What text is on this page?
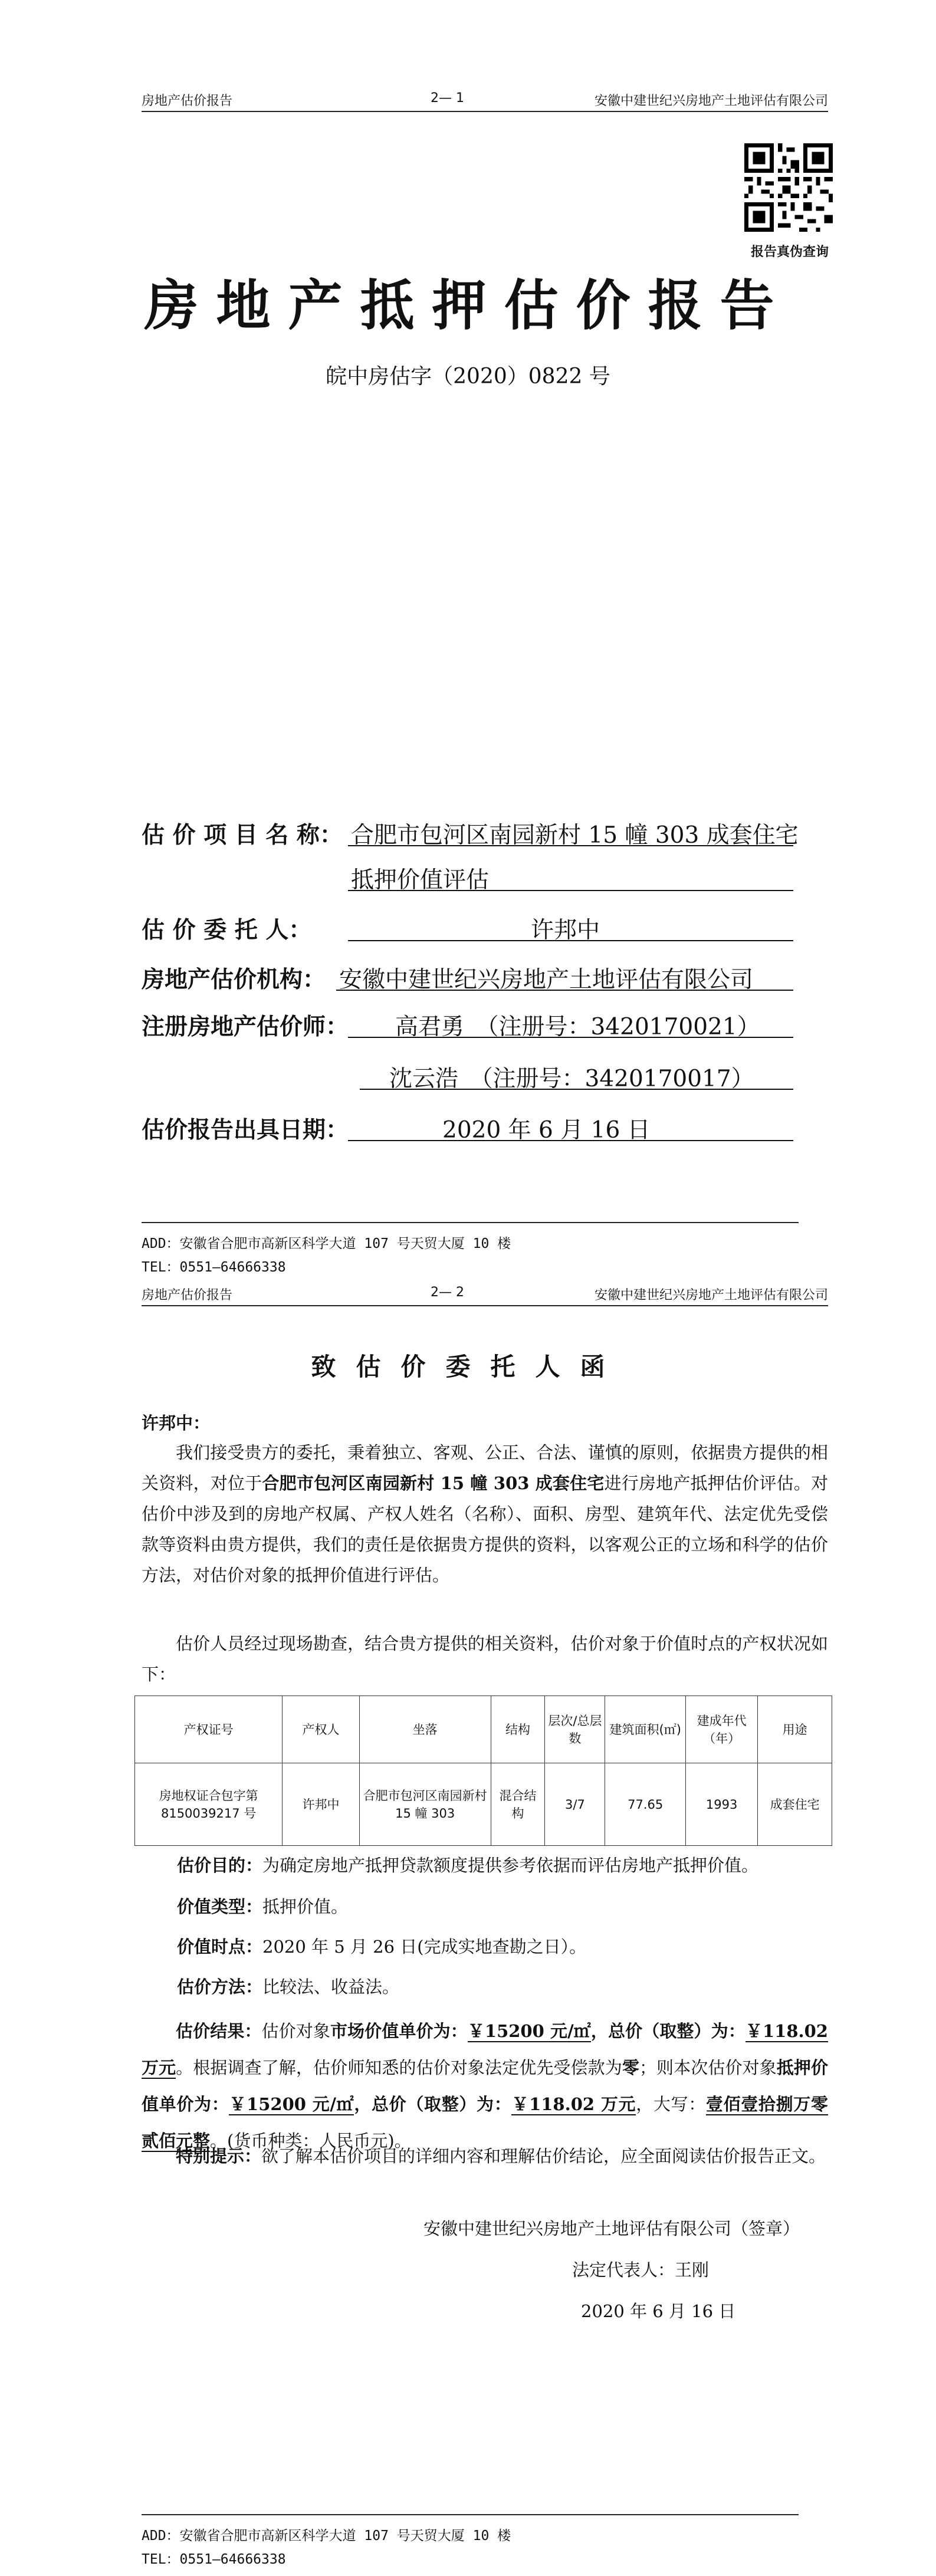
房地产估价报告	2— 1	安徽中建世纪兴房地产土地评估有限公司
报告真伪查询
房地产抵押估价报告
皖中房估字（2020）0822 号
估 价 项 目 名 称： 合肥市包河区南园新村 15 幢 303 成套住宅
抵押价值评估
估 价 委 托 人：	许邦中
房地产估价机构： 安徽中建世纪兴房地产土地评估有限公司
注册房地产估价师： 高君勇　（注册号：3420170021）
沈云浩　（注册号：3420170017）
估价报告出具日期：	2020 年 6 月 16 日
ADD：安徽省合肥市高新区科学大道 107 号天贸大厦 10 楼
TEL：0551—64666338
房地产估价报告	2— 2	安徽中建世纪兴房地产土地评估有限公司
致估价委托人函
许邦中：
我们接受贵方的委托，秉着独立、客观、公正、合法、谨慎的原则，依据贵方提供的相关资料，对位于合肥市包河区南园新村 15 幢 303 成套住宅进行房地产抵押估价评估。对估价中涉及到的房地产权属、产权人姓名（名称）、面积、房型、建筑年代、法定优先受偿款等资料由贵方提供，我们的责任是依据贵方提供的资料，以客观公正的立场和科学的估价方法，对估价对象的抵押价值进行评估。
估价人员经过现场勘查，结合贵方提供的相关资料，估价对象于价值时点的产权状况如下：
产权证号	产权人	坐落	结构	层次/总层数	建筑面积(㎡)	建成年代（年）	用途
房地权证合包字第8150039217 号	许邦中	合肥市包河区南园新村 15 幢 303	混合结构	3/7	77.65	1993	成套住宅
估价目的：为确定房地产抵押贷款额度提供参考依据而评估房地产抵押价值。
价值类型：抵押价值。
价值时点：2020 年 5 月 26 日(完成实地查勘之日）。
估价方法：比较法、收益法。
估价结果：估价对象市场价值单价为：￥15200 元/㎡，总价（取整）为：￥118.02 万元。根据调查了解，估价师知悉的估价对象法定优先受偿款为零；则本次估价对象抵押价值单价为：￥15200 元/㎡，总价（取整）为：￥118.02 万元，大写：壹佰壹拾捌万零贰佰元整。(货币种类：人民币元)。
特别提示：欲了解本估价项目的详细内容和理解估价结论，应全面阅读估价报告正文。
安徽中建世纪兴房地产土地评估有限公司（签章）
法定代表人：王刚
2020 年 6 月 16 日
ADD：安徽省合肥市高新区科学大道 107 号天贸大厦 10 楼
TEL：0551—64666338
